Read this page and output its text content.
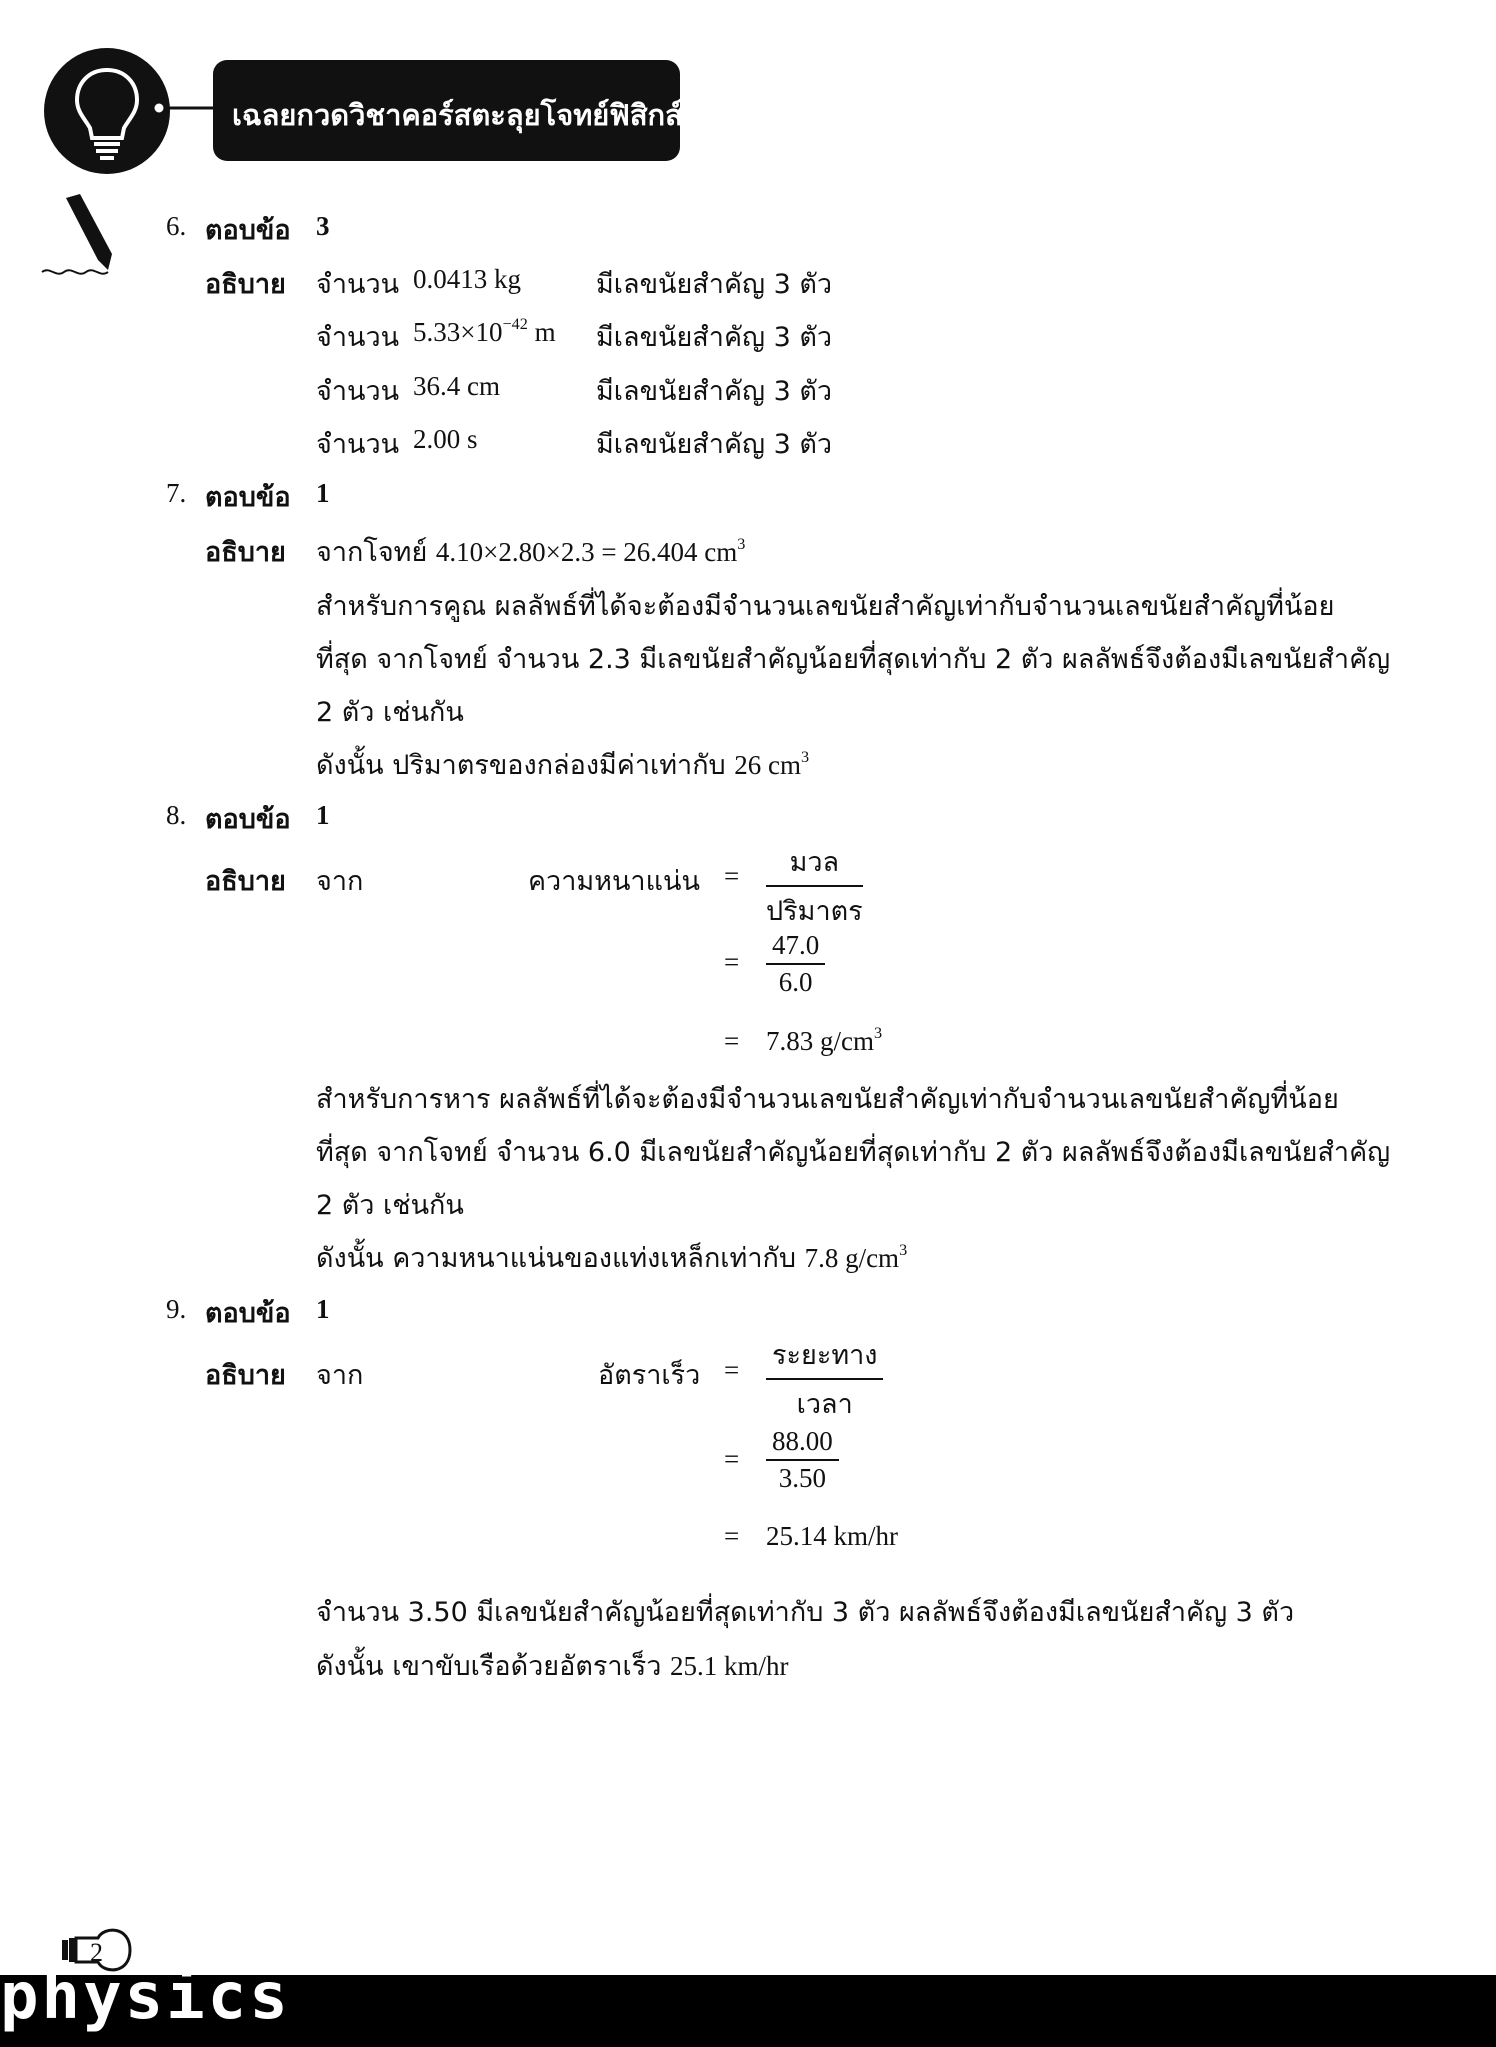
เฉลยกวดวิชาคอร์สตะลุยโจทย์ฟิสิกส์
6. ตอบข้อ 3
อธิบาย จำนวน 0.0413 kg	มีเลขนัยสำคัญ 3 ตัว
จำนวน $5.33\times 10^{-42}$ m มีเลขนัยสำคัญ 3 ตัว
จำนวน 36.4 cm	มีเลขนัยสำคัญ 3 ตัว
จำนวน 2.00 s	มีเลขนัยสำคัญ 3 ตัว
7. ตอบข้อ 1
อธิบาย จากโจทย์ 4.10×2.80×2.3 = 26.404 $cm^3$
สำหรับการคูณ ผลลัพธ์ที่ได้จะต้องมีจำนวนเลขนัยสำคัญเท่ากับจำนวนเลขนัยสำคัญที่น้อย
ที่สุด จากโจทย์ จำนวน 2.3 มีเลขนัยสำคัญน้อยที่สุดเท่ากับ 2 ตัว ผลลัพธ์จึงต้องมีเลขนัยสำคัญ
2 ตัว เช่นกัน
ดังนั้น ปริมาตรของกล่องมีค่าเท่ากับ 26 $cm^3$
8. ตอบข้อ 1
อธิบาย จาก	ความหนาแน่น =	มวล
ปริมาตร
= $\frac{47.0}{6.0}$
= 7.83 $g/cm^3$
สำหรับการหาร ผลลัพธ์ที่ได้จะต้องมีจำนวนเลขนัยสำคัญเท่ากับจำนวนเลขนัยสำคัญที่น้อย
ที่สุด จากโจทย์ จำนวน 6.0 มีเลขนัยสำคัญน้อยที่สุดเท่ากับ 2 ตัว ผลลัพธ์จึงต้องมีเลขนัยสำคัญ
2 ตัว เช่นกัน
ดังนั้น ความหนาแน่นของแท่งเหล็กเท่ากับ 7.8 $g/cm^3$
9. ตอบข้อ 1
อธิบาย จาก	อัตราเร็ว = ระยะทาง
เวลา
= $\frac{88.00}{3.50}$
= 25.14 km/hr
จำนวน 3.50 มีเลขนัยสำคัญน้อยที่สุดเท่ากับ 3 ตัว ผลลัพธ์จึงต้องมีเลขนัยสำคัญ 3 ตัว
ดังนั้น เขาขับเรือด้วยอัตราเร็ว 25.1 km/hr
2
physics
